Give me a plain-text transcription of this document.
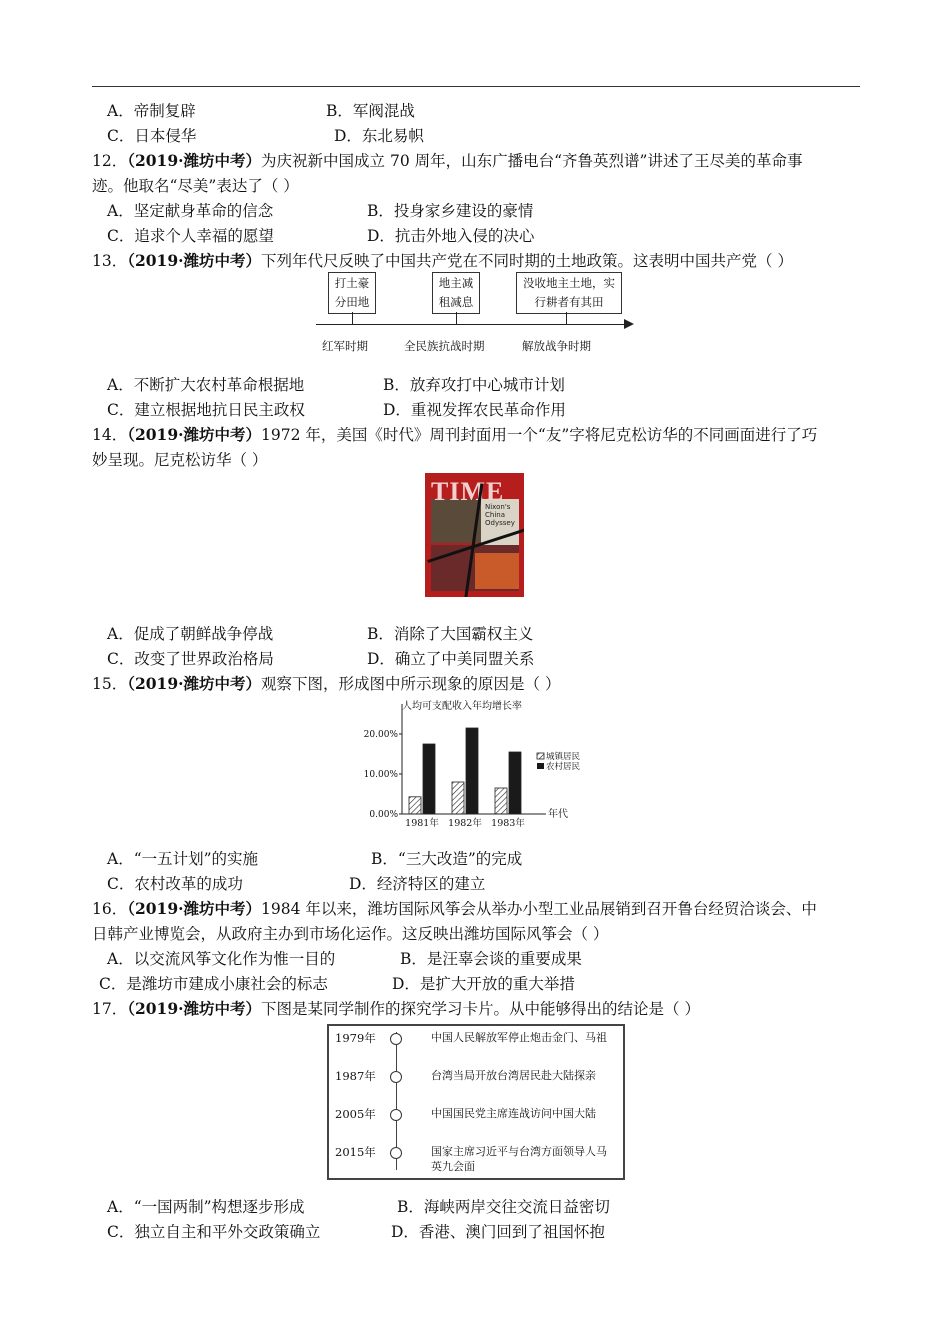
A．帝制复辟	B．军阀混战
C．日本侵华	D．东北易帜
12．（2019·潍坊中考）为庆祝新中国成立 70 周年，山东广播电台“齐鲁英烈谱”讲述了王尽美的革命事
迹。他取名“尽美”表达了（ ）
A．坚定献身革命的信念	B．投身家乡建设的豪情
C．追求个人幸福的愿望	D．抗击外地入侵的决心
13．（2019·潍坊中考）下列年代尺反映了中国共产党在不同时期的土地政策。这表明中国共产党（ ）
打土豪
分田地
地主减
租减息
没收地主土地，实
行耕者有其田
红军时期	全民族抗战时期	解放战争时期
A．不断扩大农村革命根据地	B．放弃攻打中心城市计划
C．建立根据地抗日民主政权	D．重视发挥农民革命作用
14．（2019·潍坊中考）1972 年，美国《时代》周刊封面用一个“友”字将尼克松访华的不同画面进行了巧
妙呈现。尼克松访华（ ）
TIME
Nixon's
China
Odyssey
A．促成了朝鲜战争停战	B．消除了大国霸权主义
C．改变了世界政治格局	D．确立了中美同盟关系
15．（2019·潍坊中考）观察下图，形成图中所示现象的原因是（ ）
人均可支配收入年均增长率
年代
0.00%
10.00%
20.00%
1981年 1982年 1983年
城镇居民
农村居民
A．“一五计划”的实施	B．“三大改造”的完成
C．农村改革的成功	D．经济特区的建立
16．（2019·潍坊中考）1984 年以来，潍坊国际风筝会从举办小型工业品展销到召开鲁台经贸洽谈会、中
日韩产业博览会，从政府主办到市场化运作。这反映出潍坊国际风筝会（ ）
A．以交流风筝文化作为惟一目的	B．是汪辜会谈的重要成果
C．是潍坊市建成小康社会的标志	D．是扩大开放的重大举措
17．（2019·潍坊中考）下图是某同学制作的探究学习卡片。从中能够得出的结论是（ ）
1979年	中国人民解放军停止炮击金门、马祖
1987年	台湾当局开放台湾居民赴大陆探亲
2005年	中国国民党主席连战访问中国大陆
2015年	国家主席习近平与台湾方面领导人马英九会面
A．“一国两制”构想逐步形成	B．海峡两岸交往交流日益密切
C．独立自主和平外交政策确立	D．香港、澳门回到了祖国怀抱
